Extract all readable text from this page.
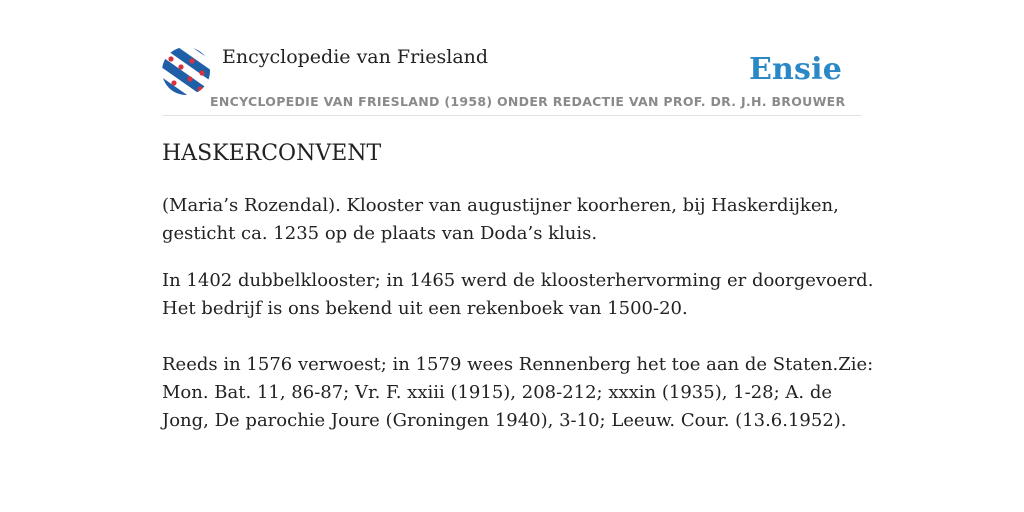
Encyclopedie van Friesland	Ensie
ENCYCLOPEDIE VAN FRIESLAND (1958) ONDER REDACTIE VAN PROF. DR. J.H. BROUWER
HASKERCONVENT

(Maria’s Rozendal). Klooster van augustijner koorheren, bij Haskerdijken, gesticht ca. 1235 op de plaats van Doda’s kluis.

In 1402 dubbelklooster; in 1465 werd de kloosterhervorming er doorgevoerd. Het bedrijf is ons bekend uit een rekenboek van 1500-20.

Reeds in 1576 verwoest; in 1579 wees Rennenberg het toe aan de Staten.Zie: Mon. Bat. 11, 86-87; Vr. F. xxiii (1915), 208-212; xxxin (1935), 1-28; A. de Jong, De parochie Joure (Groningen 1940), 3-10; Leeuw. Cour. (13.6.1952).
